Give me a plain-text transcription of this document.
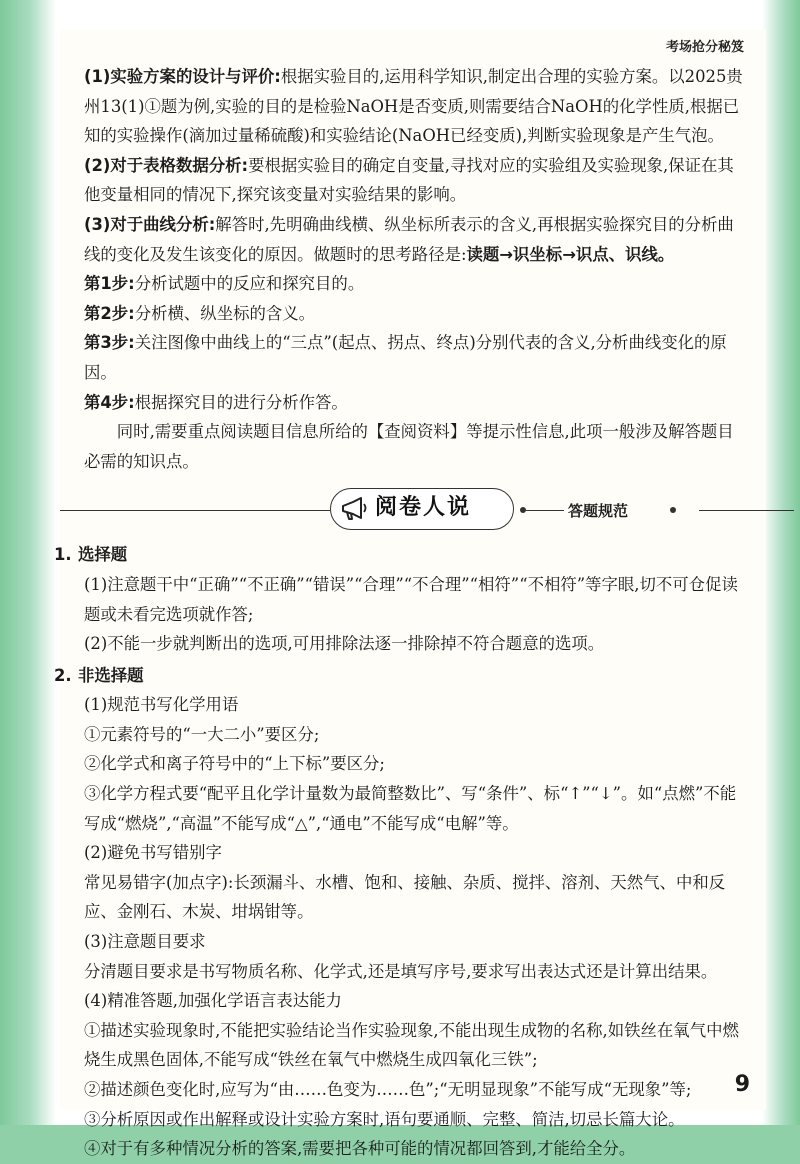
考场抢分秘笈

(1)实验方案的设计与评价:根据实验目的,运用科学知识,制定出合理的实验方案。以2025贵州13(1)①题为例,实验的目的是检验NaOH是否变质,则需要结合NaOH的化学性质,根据已知的实验操作(滴加过量稀硫酸)和实验结论(NaOH已经变质),判断实验现象是产生气泡。

(2)对于表格数据分析:要根据实验目的确定自变量,寻找对应的实验组及实验现象,保证在其他变量相同的情况下,探究该变量对实验结果的影响。

(3)对于曲线分析:解答时,先明确曲线横、纵坐标所表示的含义,再根据实验探究目的分析曲线的变化及发生该变化的原因。做题时的思考路径是:读题→识坐标→识点、识线。

第1步:分析试题中的反应和探究目的。

第2步:分析横、纵坐标的含义。

第3步:关注图像中曲线上的“三点”(起点、拐点、终点)分别代表的含义,分析曲线变化的原因。

第4步:根据探究目的进行分析作答。

同时,需要重点阅读题目信息所给的【查阅资料】等提示性信息,此项一般涉及解答题目必需的知识点。

阅卷人说	答题规范
1. 选择题

(1)注意题干中“正确”“不正确”“错误”“合理”“不合理”“相符”“不相符”等字眼,切不可仓促读题或未看完选项就作答;

(2)不能一步就判断出的选项,可用排除法逐一排除掉不符合题意的选项。

2. 非选择题

(1)规范书写化学用语

①元素符号的“一大二小”要区分;

②化学式和离子符号中的“上下标”要区分;

③化学方程式要“配平且化学计量数为最简整数比”、写“条件”、标“↑”“↓”。如“点燃”不能写成“燃烧”,“高温”不能写成“△”,“通电”不能写成“电解”等。

(2)避免书写错别字

常见易错字(加点字):长颈漏斗、水槽、饱和、接触、杂质、搅拌、溶剂、天然气、中和反应、金刚石、木炭、坩埚钳等。

(3)注意题目要求

分清题目要求是书写物质名称、化学式,还是填写序号,要求写出表达式还是计算出结果。

(4)精准答题,加强化学语言表达能力

①描述实验现象时,不能把实验结论当作实验现象,不能出现生成物的名称,如铁丝在氧气中燃烧生成黑色固体,不能写成“铁丝在氧气中燃烧生成四氧化三铁”;

②描述颜色变化时,应写为“由……色变为……色”;“无明显现象”不能写成“无现象”等;

③分析原因或作出解释或设计实验方案时,语句要通顺、完整、简洁,切忌长篇大论。

④对于有多种情况分析的答案,需要把各种可能的情况都回答到,才能给全分。

9
